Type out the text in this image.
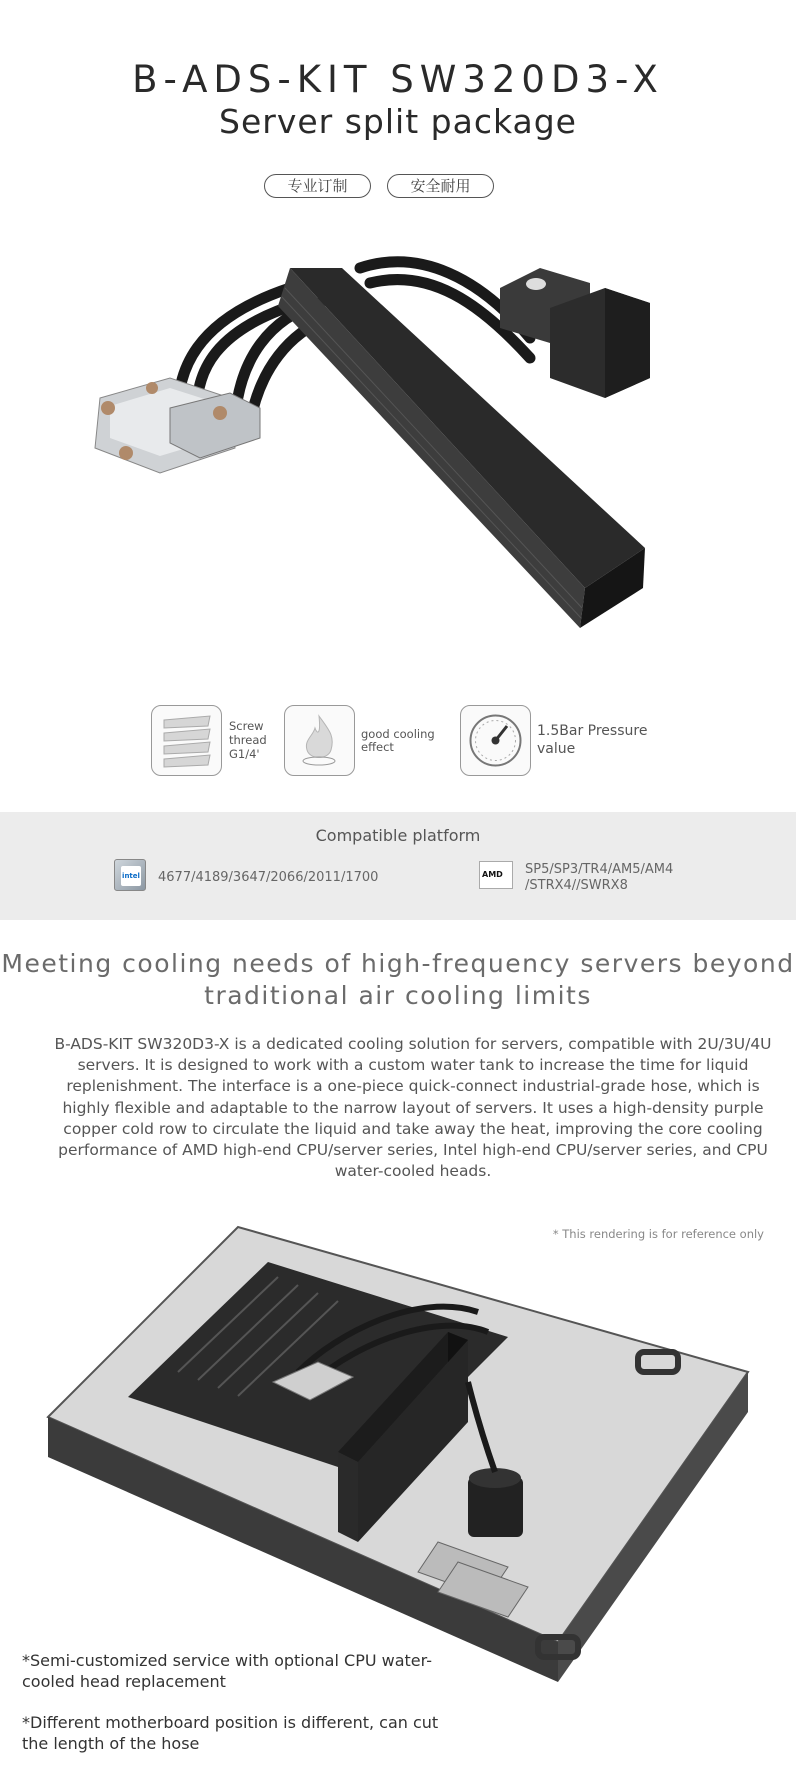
B-ADS-KIT SW320D3-X
Server split package
专业订制	安全耐用
Screw thread G1/4'
good cooling effect
1.5Bar Pressure value
Compatible platform
intel 4677/4189/3647/2066/2011/1700	AMD SP5/SP3/TR4/AM5/AM4 /STRX4//SWRX8
Meeting cooling needs of high-frequency servers beyond traditional air cooling limits
B-ADS-KIT SW320D3-X is a dedicated cooling solution for servers, compatible with 2U/3U/4U servers. It is designed to work with a custom water tank to increase the time for liquid replenishment. The interface is a one-piece quick-connect industrial-grade hose, which is highly flexible and adaptable to the narrow layout of servers. It uses a high-density purple copper cold row to circulate the liquid and take away the heat, improving the core cooling performance of AMD high-end CPU/server series, Intel high-end CPU/server series, and CPU water-cooled heads.
* This rendering is for reference only
*Semi-customized service with optional CPU water-cooled head replacement
*Different motherboard position is different, can cut the length of the hose
